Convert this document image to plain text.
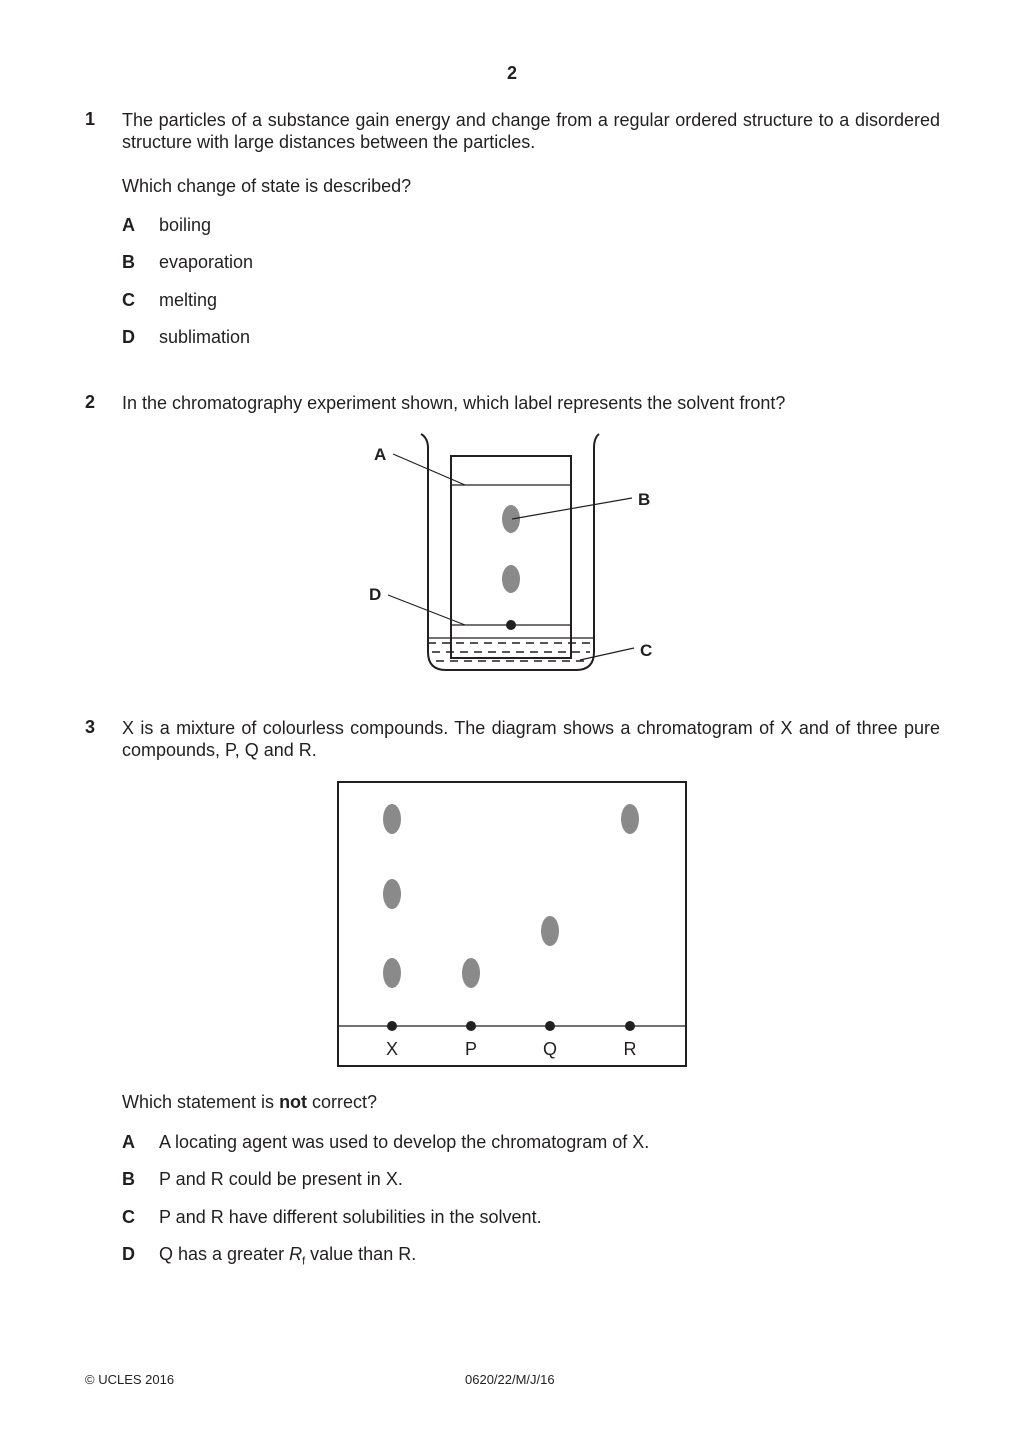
2
1 The particles of a substance gain energy and change from a regular ordered structure to a disordered structure with large distances between the particles.
Which change of state is described?
A boiling
B evaporation
C melting
D sublimation
2 In the chromatography experiment shown, which label represents the solvent front?
A
B
C
D
3 X is a mixture of colourless compounds. The diagram shows a chromatogram of X and of three pure compounds, P, Q and R.
X	P	Q	R
Which statement is not correct?
A A locating agent was used to develop the chromatogram of X.
B P and R could be present in X.
C P and R have different solubilities in the solvent.
D Q has a greater $R_f$ value than R.
© UCLES 2016	0620/22/M/J/16
